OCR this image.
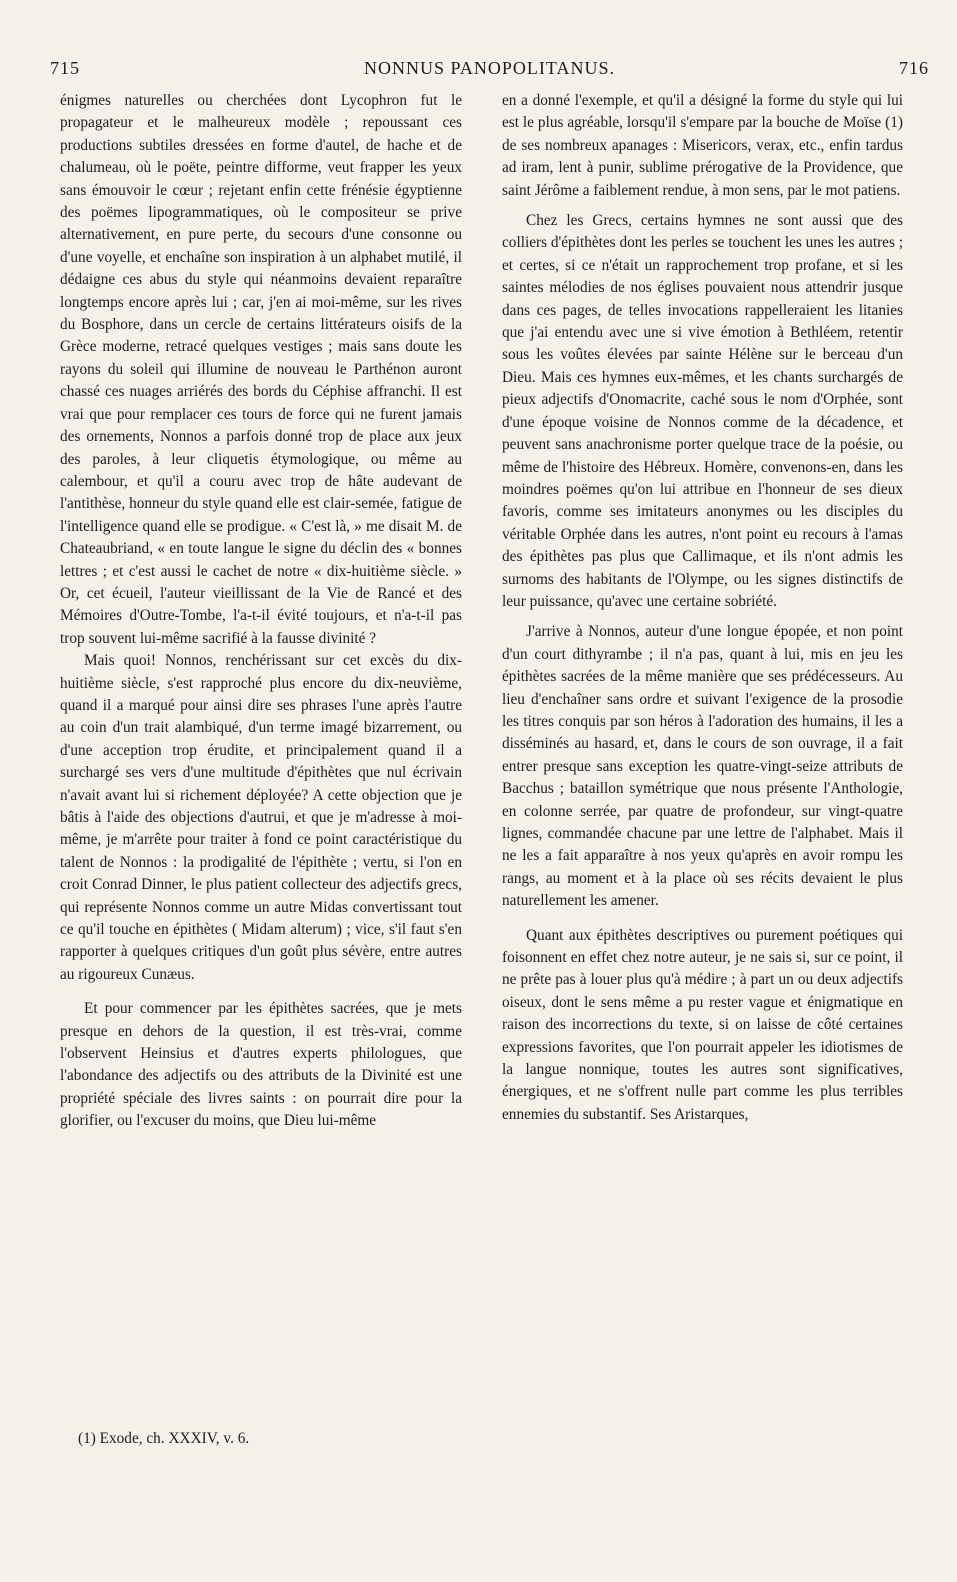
715	NONNUS PANOPOLITANUS.	716

énigmes naturelles ou cherchées dont Lycophron fut le propagateur et le malheureux modèle ; repoussant ces productions subtiles dressées en forme d'autel, de hache et de chalumeau, où le poëte, peintre difforme, veut frapper les yeux sans émouvoir le cœur ; rejetant enfin cette frénésie égyptienne des poëmes lipogrammatiques, où le compositeur se prive alternativement, en pure perte, du secours d'une consonne ou d'une voyelle, et enchaîne son inspiration à un alphabet mutilé, il dédaigne ces abus du style qui néanmoins devaient reparaître longtemps encore après lui ; car, j'en ai moi-même, sur les rives du Bosphore, dans un cercle de certains littérateurs oisifs de la Grèce moderne, retracé quelques vestiges ; mais sans doute les rayons du soleil qui illumine de nouveau le Parthénon auront chassé ces nuages arriérés des bords du Céphise affranchi. Il est vrai que pour remplacer ces tours de force qui ne furent jamais des ornements, Nonnos a parfois donné trop de place aux jeux des paroles, à leur cliquetis étymologique, ou même au calembour, et qu'il a couru avec trop de hâte audevant de l'antithèse, honneur du style quand elle est clair-semée, fatigue de l'intelligence quand elle se prodigue. « C'est là, » me disait M. de Chateaubriand, « en toute langue le signe du déclin des « bonnes lettres ; et c'est aussi le cachet de notre « dix-huitième siècle. » Or, cet écueil, l'auteur vieillissant de la Vie de Rancé et des Mémoires d'Outre-Tombe, l'a-t-il évité toujours, et n'a-t-il pas trop souvent lui-même sacrifié à la fausse divinité ?

Mais quoi! Nonnos, renchérissant sur cet excès du dix-huitième siècle, s'est rapproché plus encore du dix-neuvième, quand il a marqué pour ainsi dire ses phrases l'une après l'autre au coin d'un trait alambiqué, d'un terme imagé bizarrement, ou d'une acception trop érudite, et principalement quand il a surchargé ses vers d'une multitude d'épithètes que nul écrivain n'avait avant lui si richement déployée? A cette objection que je bâtis à l'aide des objections d'autrui, et que je m'adresse à moi-même, je m'arrête pour traiter à fond ce point caractéristique du talent de Nonnos : la prodigalité de l'épithète ; vertu, si l'on en croit Conrad Dinner, le plus patient collecteur des adjectifs grecs, qui représente Nonnos comme un autre Midas convertissant tout ce qu'il touche en épithètes ( Midam alterum) ; vice, s'il faut s'en rapporter à quelques critiques d'un goût plus sévère, entre autres au rigoureux Cunæus.

Et pour commencer par les épithètes sacrées, que je mets presque en dehors de la question, il est très-vrai, comme l'observent Heinsius et d'autres experts philologues, que l'abondance des adjectifs ou des attributs de la Divinité est une propriété spéciale des livres saints : on pourrait dire pour la glorifier, ou l'excuser du moins, que Dieu lui-même

en a donné l'exemple, et qu'il a désigné la forme du style qui lui est le plus agréable, lorsqu'il s'empare par la bouche de Moïse (1) de ses nombreux apanages : Misericors, verax, etc., enfin tardus ad iram, lent à punir, sublime prérogative de la Providence, que saint Jérôme a faiblement rendue, à mon sens, par le mot patiens.

Chez les Grecs, certains hymnes ne sont aussi que des colliers d'épithètes dont les perles se touchent les unes les autres ; et certes, si ce n'était un rapprochement trop profane, et si les saintes mélodies de nos églises pouvaient nous attendrir jusque dans ces pages, de telles invocations rappelleraient les litanies que j'ai entendu avec une si vive émotion à Bethléem, retentir sous les voûtes élevées par sainte Hélène sur le berceau d'un Dieu. Mais ces hymnes eux-mêmes, et les chants surchargés de pieux adjectifs d'Onomacrite, caché sous le nom d'Orphée, sont d'une époque voisine de Nonnos comme de la décadence, et peuvent sans anachronisme porter quelque trace de la poésie, ou même de l'histoire des Hébreux. Homère, convenons-en, dans les moindres poëmes qu'on lui attribue en l'honneur de ses dieux favoris, comme ses imitateurs anonymes ou les disciples du véritable Orphée dans les autres, n'ont point eu recours à l'amas des épithètes pas plus que Callimaque, et ils n'ont admis les surnoms des habitants de l'Olympe, ou les signes distinctifs de leur puissance, qu'avec une certaine sobriété.

J'arrive à Nonnos, auteur d'une longue épopée, et non point d'un court dithyrambe ; il n'a pas, quant à lui, mis en jeu les épithètes sacrées de la même manière que ses prédécesseurs. Au lieu d'enchaîner sans ordre et suivant l'exigence de la prosodie les titres conquis par son héros à l'adoration des humains, il les a disséminés au hasard, et, dans le cours de son ouvrage, il a fait entrer presque sans exception les quatre-vingt-seize attributs de Bacchus ; bataillon symétrique que nous présente l'Anthologie, en colonne serrée, par quatre de profondeur, sur vingt-quatre lignes, commandée chacune par une lettre de l'alphabet. Mais il ne les a fait apparaître à nos yeux qu'après en avoir rompu les rangs, au moment et à la place où ses récits devaient le plus naturellement les amener.

Quant aux épithètes descriptives ou purement poétiques qui foisonnent en effet chez notre auteur, je ne sais si, sur ce point, il ne prête pas à louer plus qu'à médire ; à part un ou deux adjectifs oiseux, dont le sens même a pu rester vague et énigmatique en raison des incorrections du texte, si on laisse de côté certaines expressions favorites, que l'on pourrait appeler les idiotismes de la langue nonnique, toutes les autres sont significatives, énergiques, et ne s'offrent nulle part comme les plus terribles ennemies du substantif. Ses Aristarques,

(1) Exode, ch. XXXIV, v. 6.
